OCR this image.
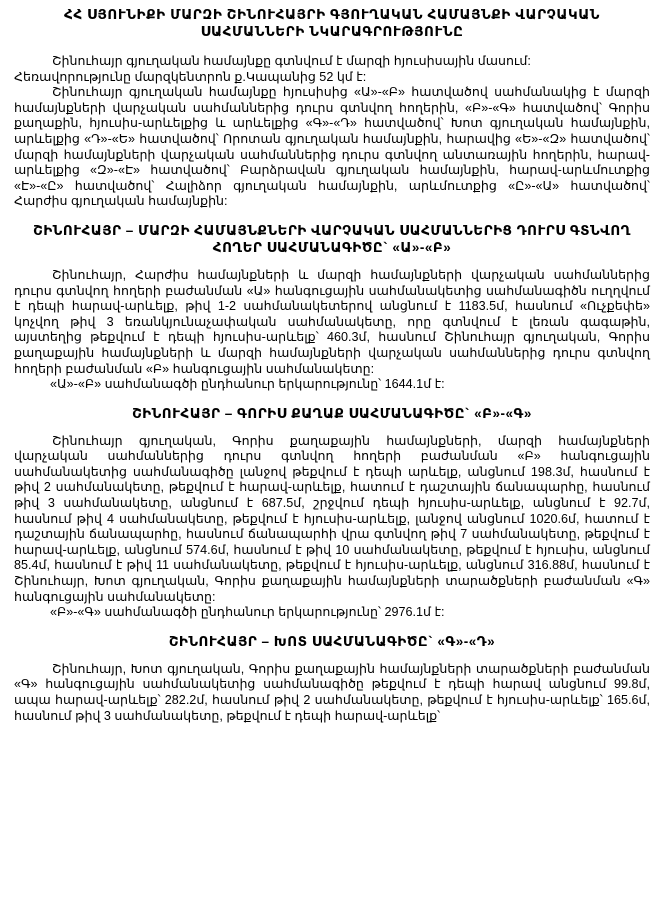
ՀՀ ՍՅՈՒՆԻՔԻ ՄԱՐԶԻ ՇԻՆՈՒՀԱՅՐԻ ԳՅՈՒՂԱԿԱՆ ՀԱՄԱՅՆՔԻ ՎԱՐՉԱԿԱՆ
ՍԱՀՄԱՆՆԵՐԻ ՆԿԱՐԱԳՐՈՒԹՅՈՒՆԸ

Շինուհայր գյուղական համայնքը գտնվում է մարզի հյուսիսային մասում:

Հեռավորությունը մարզկենտրոն ք.Կապանից 52 կմ է:

Շինուհայր գյուղական համայնքը հյուսիսից «Ա»-«Բ» հատվածով սահմանակից է մարզի համայնքների վարչական սահմաններից դուրս գտնվող հողերին, «Բ»-«Գ» հատվածով՝ Գորիս քաղաքին, հյուսիս-արևելքից և արևելքից «Գ»-«Դ» հատվածով՝ Խոտ գյուղական համայնքին, արևելքից «Դ»-«Ե» հատվածով՝ Որոտան գյուղական համայնքին, հարավից «Ե»-«Զ» հատվածով՝ մարզի համայնքների վարչական սահմաններից դուրս գտնվող անտառային հողերին, հարավ-արևելքից «Զ»-«Է» հատվածով՝ Բարձրավան գյուղական համայնքին, հարավ-արևմուտքից «Է»-«Ը» հատվածով՝ Հալիձոր գյուղական համայնքին, արևմուտքից «Ը»-«Ա» հատվածով՝ Հարժիս գյուղական համայնքին:

ՇԻՆՈՒՀԱՅՐ – ՄԱՐԶԻ ՀԱՄԱՅՆՔՆԵՐԻ ՎԱՐՉԱԿԱՆ ՍԱՀՄԱՆՆԵՐԻՑ ԴՈՒՐՍ ԳՏՆՎՈՂ ՀՈՂԵՐ ՍԱՀՄԱՆԱԳԻԾԸ` «Ա»-«Բ»

Շինուհայր, Հարժիս համայնքների և մարզի համայնքների վարչական սահմաններից դուրս գտնվող հողերի բաժանման «Ա» հանգուցային սահմանակետից սահմանագիծն ուղղվում է դեպի հարավ-արևելք, թիվ 1-2 սահմանակետերով անցնում է 1183.5մ, հասնում «Ուչքեփե» կոչվող թիվ 3 եռանկյունաչափական սահմանակետը, որը գտնվում է լեռան գագաթին, այստեղից թեքվում է դեպի հյուսիս-արևելք՝ 460.3մ, հասնում Շինուհայր գյուղական, Գորիս քաղաքային համայնքների և մարզի համայնքների վարչական սահմաններից դուրս գտնվող հողերի բաժանման «Բ» հանգուցային սահմանակետը:

«Ա»-«Բ» սահմանագծի ընդհանուր երկարությունը՝ 1644.1մ է:

ՇԻՆՈՒՀԱՅՐ – ԳՈՐԻՍ ՔԱՂԱՔ ՍԱՀՄԱՆԱԳԻԾԸ` «Բ»-«Գ»

Շինուհայր գյուղական, Գորիս քաղաքային համայնքների, մարզի համայնքների վարչական սահմաններից դուրս գտնվող հողերի բաժանման «Բ» հանգուցային սահմանակետից սահմանագիծը լանջով թեքվում է դեպի արևելք, անցնում 198.3մ, հասնում է թիվ 2 սահմանակետը, թեքվում է հարավ-արևելք, հատում է դաշտային ճանապարհը, հասնում թիվ 3 սահմանակետը, անցնում է 687.5մ, շրջվում դեպի հյուսիս-արևելք, անցնում է 92.7մ, հասնում թիվ 4 սահմանակետը, թեքվում է հյուսիս-արևելք, լանջով անցնում 1020.6մ, հատում է դաշտային ճանապարհը, հասնում ճանապարհի վրա գտնվող թիվ 7 սահմանակետը, թեքվում է հարավ-արևելք, անցնում 574.6մ, հասնում է թիվ 10 սահմանակետը, թեքվում է հյուսիս, անցնում 85.4մ, հասնում է թիվ 11 սահմանակետը, թեքվում է հյուսիս-արևելք, անցնում 316.88մ, հասնում է Շինուհայր, Խոտ գյուղական, Գորիս քաղաքային համայնքների տարածքների բաժանման «Գ» հանգուցային սահմանակետը:

«Բ»-«Գ» սահմանագծի ընդհանուր երկարությունը՝ 2976.1մ է:

ՇԻՆՈՒՀԱՅՐ – ԽՈՏ ՍԱՀՄԱՆԱԳԻԾԸ` «Գ»-«Դ»

Շինուհայր, Խոտ գյուղական, Գորիս քաղաքային համայնքների տարածքների բաժանման «Գ» հանգուցային սահմանակետից սահմանագիծը թեքվում է դեպի հարավ անցնում 99.8մ, ապա հարավ-արևելք՝ 282.2մ, հասնում թիվ 2 սահմանակետը, թեքվում է հյուսիս-արևելք՝ 165.6մ, հասնում թիվ 3 սահմանակետը, թեքվում է դեպի հարավ-արևելք՝
